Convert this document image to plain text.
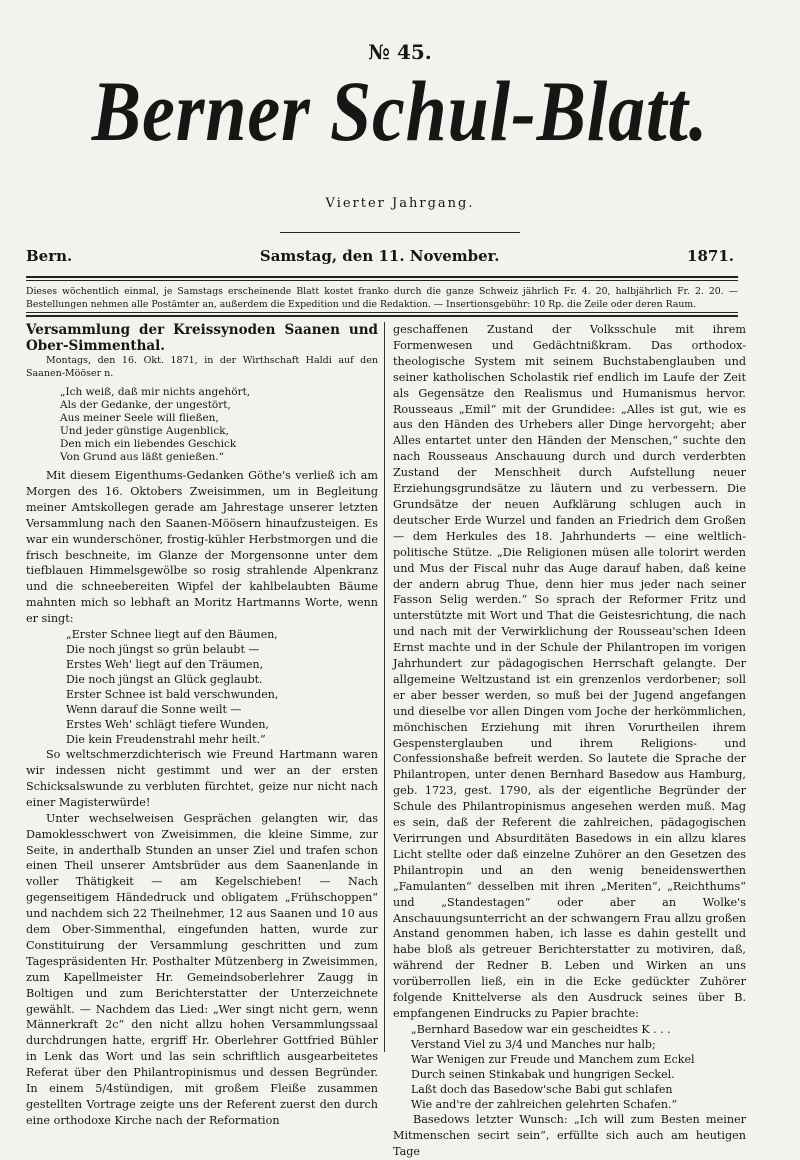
№ 45.
Berner Schul-Blatt.
Vierter Jahrgang.
Bern.	Samstag, den 11. November.	1871.
Dieses wöchentlich einmal, je Samstags erscheinende Blatt kostet franko durch die ganze Schweiz jährlich Fr. 4. 20, halbjährlich Fr. 2. 20. — Bestellungen nehmen alle Postämter an, außerdem die Expedition und die Redaktion. — Insertionsgebühr: 10 Rp. die Zeile oder deren Raum.

Versammlung der Kreissynoden Saanen und Ober-Simmenthal.

Montags, den 16. Okt. 1871, in der Wirthschaft Haldi auf den Saanen-Mööser n.

„Ich weiß, daß mir nichts angehört,
Als der Gedanke, der ungestört,
Aus meiner Seele will fließen,
Und jeder günstige Augenblick,
Den mich ein liebendes Geschick
Von Grund aus läßt genießen.“

Mit diesem Eigenthums-Gedanken Göthe's verließ ich am Morgen des 16. Oktobers Zweisimmen, um in Begleitung meiner Amtskollegen gerade am Jahrestage unserer letzten Versammlung nach den Saanen-Möösern hinaufzusteigen. Es war ein wunderschöner, frostig-kühler Herbstmorgen und die frisch beschneite, im Glanze der Morgensonne unter dem tiefblauen Himmelsgewölbe so rosig strahlende Alpenkranz und die schneebereiten Wipfel der kahlbelaubten Bäume mahnten mich so lebhaft an Moritz Hartmanns Worte, wenn er singt:

„Erster Schnee liegt auf den Bäumen,
Die noch jüngst so grün belaubt —
Erstes Weh' liegt auf den Träumen,
Die noch jüngst an Glück geglaubt.
Erster Schnee ist bald verschwunden,
Wenn darauf die Sonne weilt —
Erstes Weh' schlägt tiefere Wunden,
Die kein Freudenstrahl mehr heilt.“

So weltschmerzdichterisch wie Freund Hartmann waren wir indessen nicht gestimmt und wer an der ersten Schicksalswunde zu verbluten fürchtet, geize nur nicht nach einer Magisterwürde!

Unter wechselweisen Gesprächen gelangten wir, das Damoklesschwert von Zweisimmen, die kleine Simme, zur Seite, in anderthalb Stunden an unser Ziel und trafen schon einen Theil unserer Amtsbrüder aus dem Saanenlande in voller Thätigkeit — am Kegelschieben! — Nach gegenseitigem Händedruck und obligatem „Frühschoppen“ und nachdem sich 22 Theilnehmer, 12 aus Saanen und 10 aus dem Ober-Simmenthal, eingefunden hatten, wurde zur Constituirung der Versammlung geschritten und zum Tagespräsidenten Hr. Posthalter Mützenberg in Zweisimmen, zum Kapellmeister Hr. Gemeindsoberlehrer Zaugg in Boltigen und zum Berichterstatter der Unterzeichnete gewählt. — Nachdem das Lied: „Wer singt nicht gern, wenn Männerkraft 2c“ den nicht allzu hohen Versammlungssaal durchdrungen hatte, ergriff Hr. Oberlehrer Gottfried Bühler in Lenk das Wort und las sein schriftlich ausgearbeitetes Referat über den Philantropinismus und dessen Begründer. In einem 5/4stündigen, mit großem Fleiße zusammen gestellten Vortrage zeigte uns der Referent zuerst den durch eine orthodoxe Kirche nach der Reformation

geschaffenen Zustand der Volksschule mit ihrem Formenwesen und Gedächtnißkram. Das orthodox-theologische System mit seinem Buchstabenglauben und seiner katholischen Scholastik rief endlich im Laufe der Zeit als Gegensätze den Realismus und Humanismus hervor. Rousseaus „Emil“ mit der Grundidee: „Alles ist gut, wie es aus den Händen des Urhebers aller Dinge hervorgeht; aber Alles entartet unter den Händen der Menschen,“ suchte den nach Rousseaus Anschauung durch und durch verderbten Zustand der Menschheit durch Aufstellung neuer Erziehungsgrundsätze zu läutern und zu verbessern. Die Grundsätze der neuen Aufklärung schlugen auch in deutscher Erde Wurzel und fanden an Friedrich dem Großen — dem Herkules des 18. Jahrhunderts — eine weltlich-politische Stütze. „Die Religionen müsen alle tolorirt werden und Mus der Fiscal nuhr das Auge darauf haben, daß keine der andern abrug Thue, denn hier mus jeder nach seiner Fasson Selig werden.“ So sprach der Reformer Fritz und unterstützte mit Wort und That die Geistesrichtung, die nach und nach mit der Verwirklichung der Rousseau'schen Ideen Ernst machte und in der Schule der Philantropen im vorigen Jahrhundert zur pädagogischen Herrschaft gelangte. Der allgemeine Weltzustand ist ein grenzenlos verdorbener; soll er aber besser werden, so muß bei der Jugend angefangen und dieselbe vor allen Dingen vom Joche der herkömmlichen, mönchischen Erziehung mit ihren Vorurtheilen ihrem Gespensterglauben und ihrem Religions- und Confessionshaße befreit werden. So lautete die Sprache der Philantropen, unter denen Bernhard Basedow aus Hamburg, geb. 1723, gest. 1790, als der eigentliche Begründer der Schule des Philantropinismus angesehen werden muß. Mag es sein, daß der Referent die zahlreichen, pädagogischen Verirrungen und Absurditäten Basedows in ein allzu klares Licht stellte oder daß einzelne Zuhörer an den Gesetzen des Philantropin und an den wenig beneidenswerthen „Famulanten“ desselben mit ihren „Meriten“, „Reichthums“ und „Standestagen“ oder aber an Wolke's Anschauungsunterricht an der schwangern Frau allzu großen Anstand genommen haben, ich lasse es dahin gestellt und habe bloß als getreuer Berichterstatter zu motiviren, daß, während der Redner B. Leben und Wirken an uns vorüberrollen ließ, ein in die Ecke gedückter Zuhörer folgende Knittelverse als den Ausdruck seines über B. empfangenen Eindrucks zu Papier brachte:

„Bernhard Basedow war ein gescheidtes K . . .
Verstand Viel zu 3/4 und Manches nur halb;
War Wenigen zur Freude und Manchem zum Eckel
Durch seinen Stinkabak und hungrigen Seckel.
Laßt doch das Basedow'sche Babi gut schlafen
Wie and're der zahlreichen gelehrten Schafen.“

Basedows letzter Wunsch: „Ich will zum Besten meiner Mitmenschen secirt sein“, erfüllte sich auch am heutigen Tage
